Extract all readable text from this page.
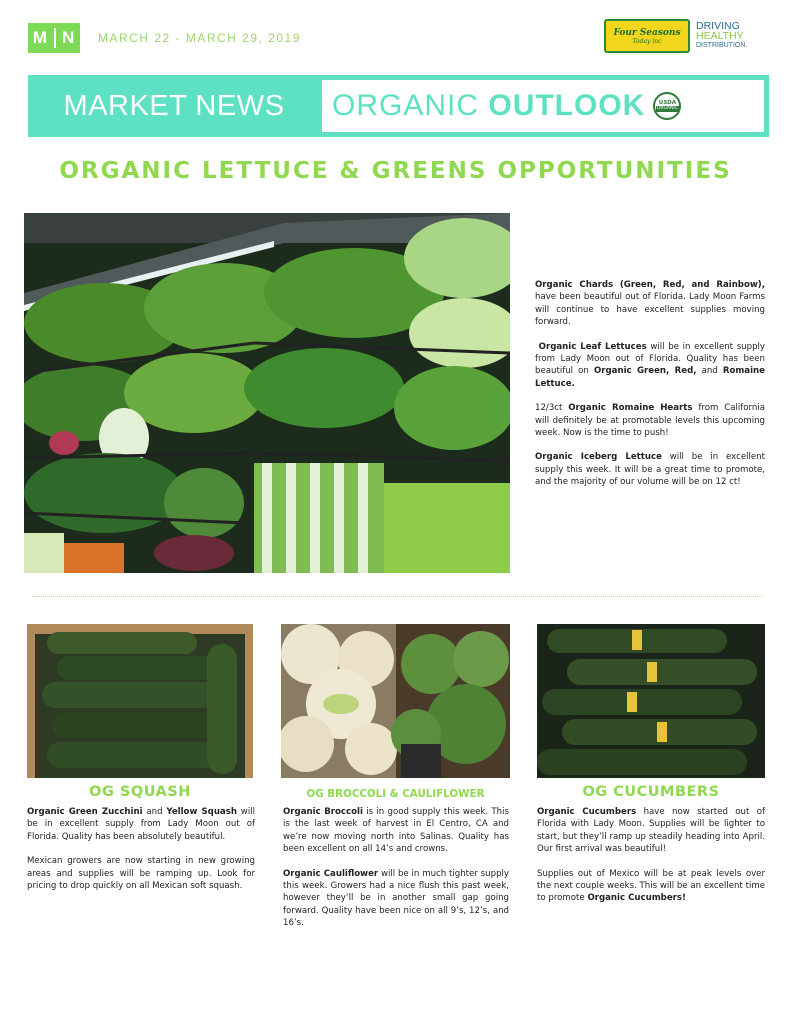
M N MARCH 22 - MARCH 29, 2019	Four Seasons
Today inc
DRIVING
HEALTHY
DISTRIBUTION.
MARKET NEWS	ORGANIC OUTLOOK USDA
ORGANIC
ORGANIC LETTUCE & GREENS OPPORTUNITIES

Organic Chards (Green, Red, and Rainbow), have been beautiful out of Florida. Lady Moon Farms will continue to have excellent supplies moving forward.

Organic Leaf Lettuces will be in excellent supply from Lady Moon out of Florida. Quality has been beautiful on Organic Green, Red, and Romaine Lettuce.

12/3ct Organic Romaine Hearts from California will definitely be at promotable levels this upcoming week. Now is the time to push!

Organic Iceberg Lettuce will be in excellent supply this week. It will be a great time to promote, and the majority of our volume will be on 12 ct!

OG SQUASH	OG BROCCOLI & CAULIFLOWER	OG CUCUMBERS

Organic Green Zucchini and Yellow Squash will be in excellent supply from Lady Moon out of Florida. Quality has been absolutely beautiful.

Mexican growers are now starting in new growing areas and supplies will be ramping up. Look for pricing to drop quickly on all Mexican soft squash.

Organic Broccoli is in good supply this week. This is the last week of harvest in El Centro, CA and we’re now moving north into Salinas. Quality has been excellent on all 14’s and crowns.

Organic Cauliflower will be in much tighter supply this week. Growers had a nice flush this past week, however they’ll be in another small gap going forward. Quality have been nice on all 9’s, 12’s, and 16’s.

Organic Cucumbers have now started out of Florida with Lady Moon. Supplies will be lighter to start, but they’ll ramp up steadily heading into April. Our first arrival was beautiful!

Supplies out of Mexico will be at peak levels over the next couple weeks. This will be an excellent time to promote Organic Cucumbers!
